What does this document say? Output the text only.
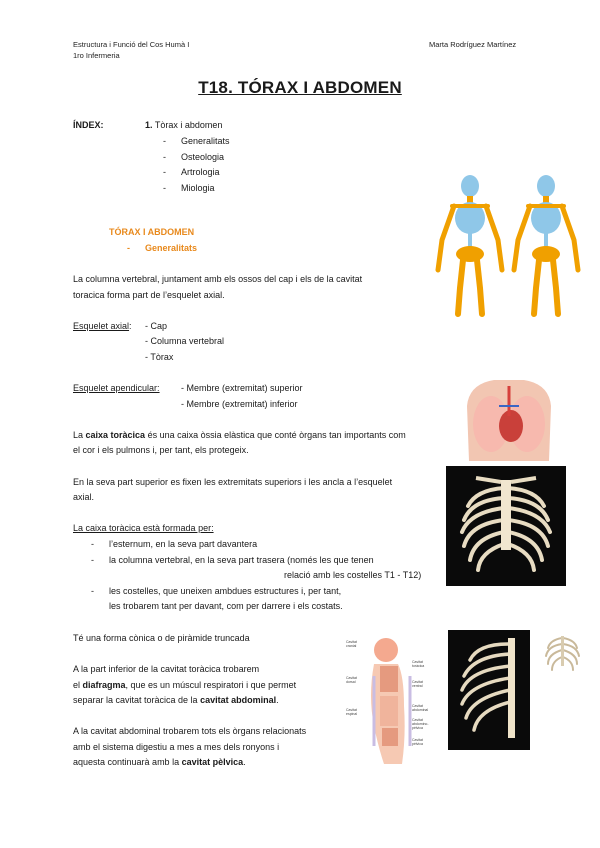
Estructura i Funció del Cos Humà I
1ro Infermeria
Marta Rodríguez Martínez
T18. TÓRAX I ABDOMEN
ÍNDEX:	1. Tòrax i abdomen
- Generalitats
- Osteologia
- Artrologia
- Miologia
TÓRAX I ABDOMEN
- Generalitats
La columna vertebral, juntament amb els ossos del cap i els de la cavitat
toracica forma part de l’esquelet axial.
Esquelet axial: - Cap
- Columna vertebral
- Tòrax
Esquelet apendicular: - Membre (extremitat) superior
- Membre (extremitat) inferior
La caixa toràcica és una caixa òssia elàstica que conté òrgans tan importants com
el cor i els pulmons i, per tant, els protegeix.
En la seva part superior es fixen les extremitats superiors i les ancla a l’esquelet
axial.
La caixa toràcica està formada per:
- l’esternum, en la seva part davantera
- la columna vertebral, en la seva part trasera (només les que tenen
relació amb les costelles T1 - T12)
- les costelles, que uneixen ambdues estructures i, per tant,
les trobarem tant per davant, com per darrere i els costats.
Té una forma cònica o de piràmide truncada
A la part inferior de la cavitat toràcica trobarem
el diafragma, que es un múscul respiratori i que permet
separar la cavitat toràcica de la cavitat abdominal.
A la cavitat abdominal trobarem tots els òrgans relacionats
amb el sistema digestiu a mes a mes dels ronyons i
aquesta continuarà amb la cavitat pèlvica.
Cavitat cranial
Cavitat dorsal
Cavitat espinal
Cavitat toràcica
Cavitat ventral
Cavitat abdominal
Cavitat abdomino-pèlvica
Cavitat pèlvica
